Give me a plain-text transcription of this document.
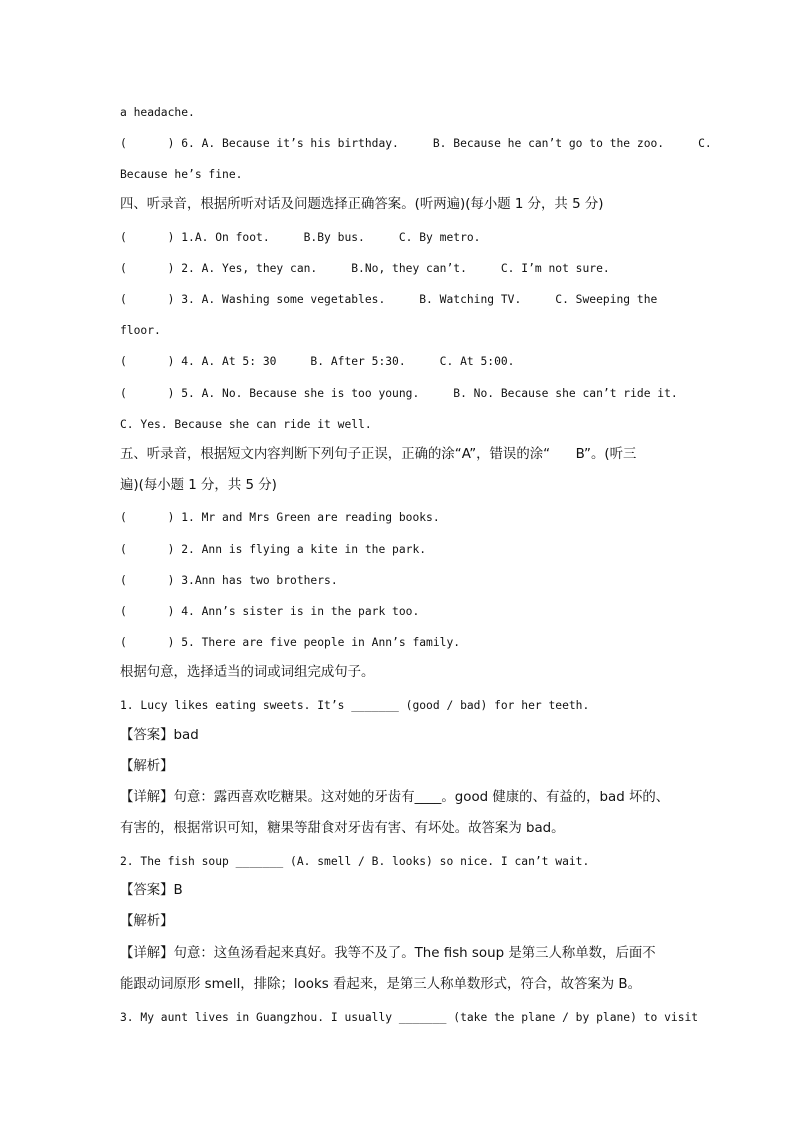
a headache.
(      ) 6. A. Because it’s his birthday.     B. Because he can’t go to the zoo.     C.
Because he’s fine.
四、听录音，根据所听对话及问题选择正确答案。(听两遍)(每小题 1 分，共 5 分)
(      ) 1.A. On foot.     B.By bus.     C. By metro.
(      ) 2. A. Yes, they can.     B.No, they can’t.     C. I’m not sure.
(      ) 3. A. Washing some vegetables.     B. Watching TV.     C. Sweeping the
floor.
(      ) 4. A. At 5: 30     B. After 5:30.     C. At 5:00.
(      ) 5. A. No. Because she is too young.     B. No. Because she can’t ride it.
C. Yes. Because she can ride it well.
五、听录音，根据短文内容判断下列句子正误，正确的涂“A”，错误的涂“      B”。(听三
遍)(每小题 1 分，共 5 分)
(      ) 1. Mr and Mrs Green are reading books.
(      ) 2. Ann is flying a kite in the park.
(      ) 3.Ann has two brothers.
(      ) 4. Ann’s sister is in the park too.
(      ) 5. There are five people in Ann’s family.
根据句意，选择适当的词或词组完成句子。
1. Lucy likes eating sweets. It’s _______ (good / bad) for her teeth.
【答案】bad
【解析】
【详解】句意：露西喜欢吃糖果。这对她的牙齿有____。good 健康的、有益的，bad 坏的、
有害的，根据常识可知，糖果等甜食对牙齿有害、有坏处。故答案为 bad。
2. The fish soup _______ (A. smell / B. looks) so nice. I can’t wait.
【答案】B
【解析】
【详解】句意：这鱼汤看起来真好。我等不及了。The fish soup 是第三人称单数，后面不
能跟动词原形 smell，排除；looks 看起来，是第三人称单数形式，符合，故答案为 B。
3. My aunt lives in Guangzhou. I usually _______ (take the plane / by plane) to visit
